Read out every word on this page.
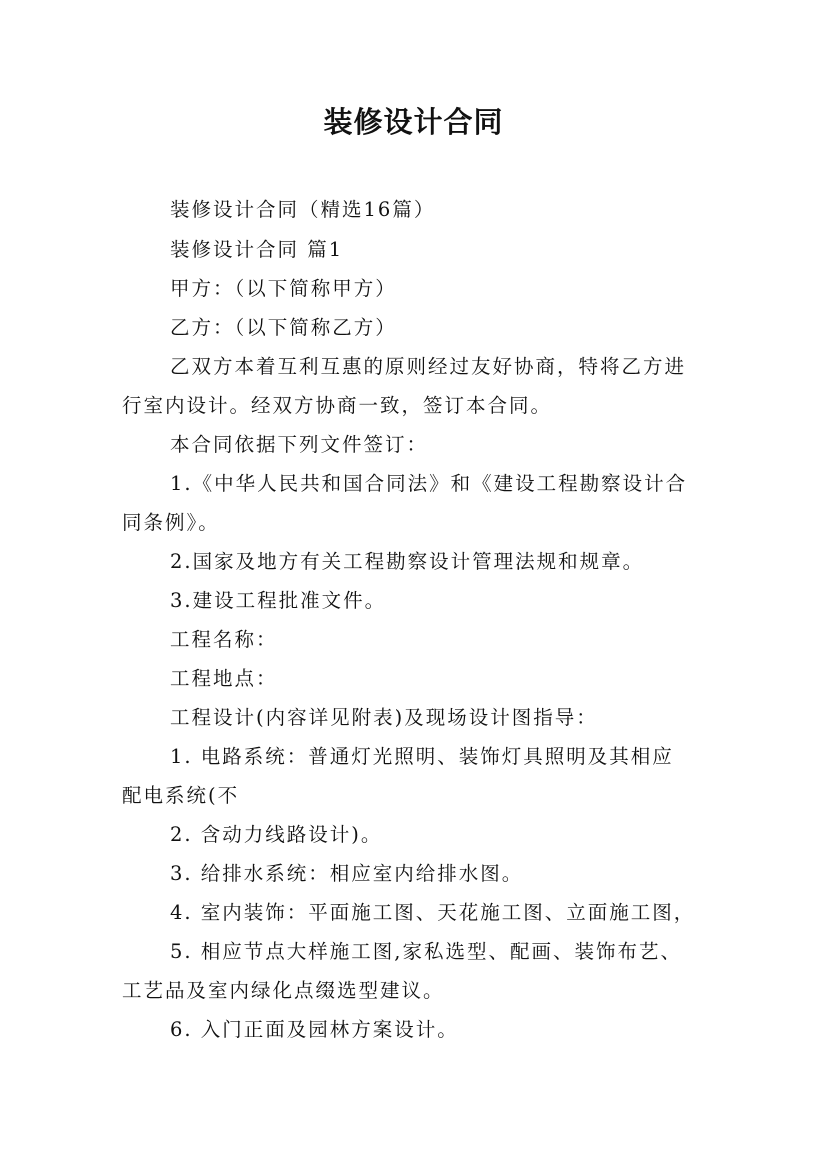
装修设计合同
装修设计合同（精选16篇）
装修设计合同 篇1
甲方：（以下简称甲方）
乙方：（以下简称乙方）
乙双方本着互利互惠的原则经过友好协商，特将乙方进
行室内设计。经双方协商一致，签订本合同。
本合同依据下列文件签订：
1.《中华人民共和国合同法》和《建设工程勘察设计合
同条例》。
2.国家及地方有关工程勘察设计管理法规和规章。
3.建设工程批准文件。
工程名称：
工程地点：
工程设计(内容详见附表)及现场设计图指导：
1. 电路系统：普通灯光照明、装饰灯具照明及其相应
配电系统(不
2. 含动力线路设计)。
3. 给排水系统：相应室内给排水图。
4. 室内装饰：平面施工图、天花施工图、立面施工图，
5. 相应节点大样施工图,家私选型、配画、装饰布艺、
工艺品及室内绿化点缀选型建议。
6. 入门正面及园林方案设计。
